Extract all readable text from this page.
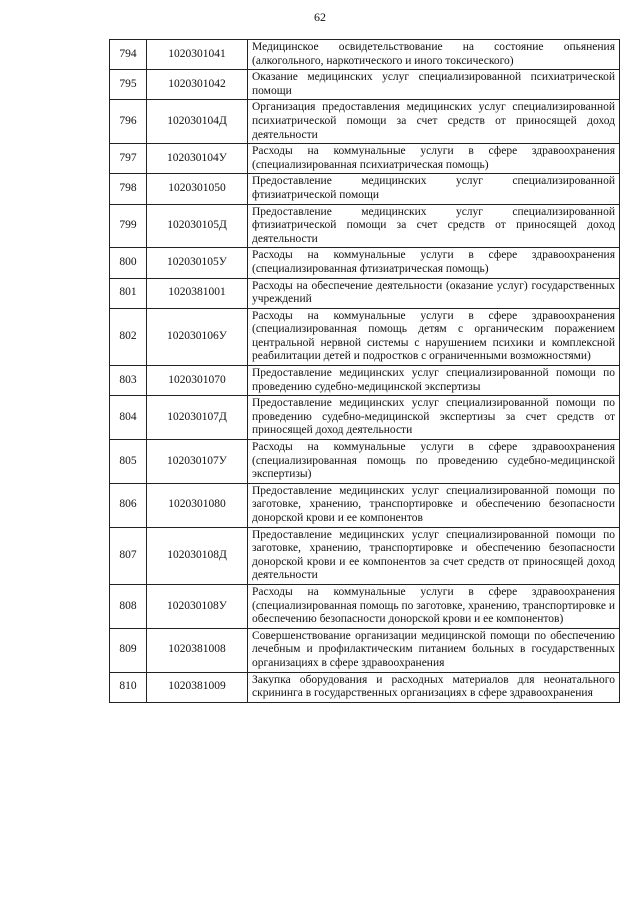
62
794	1020301041	Медицинское освидетельствование на состояние опьянения (алкогольного, наркотического и иного токсического)
795	1020301042	Оказание медицинских услуг специализированной психиатрической помощи
796	102030104Д	Организация предоставления медицинских услуг специализированной психиатрической помощи за счет средств от приносящей доход деятельности
797	102030104У	Расходы на коммунальные услуги в сфере здравоохранения (специализированная психиатрическая помощь)
798	1020301050	Предоставление медицинских услуг специализированной фтизиатрической помощи
799	102030105Д	Предоставление медицинских услуг специализированной фтизиатрической помощи за счет средств от приносящей доход деятельности
800	102030105У	Расходы на коммунальные услуги в сфере здравоохранения (специализированная фтизиатрическая помощь)
801	1020381001	Расходы на обеспечение деятельности (оказание услуг) государственных учреждений
802	102030106У	Расходы на коммунальные услуги в сфере здравоохранения (специализированная помощь детям с органическим поражением центральной нервной системы с нарушением психики и комплексной реабилитации детей и подростков с ограниченными возможностями)
803	1020301070	Предоставление медицинских услуг специализированной помощи по проведению судебно-медицинской экспертизы
804	102030107Д	Предоставление медицинских услуг специализированной помощи по проведению судебно-медицинской экспертизы за счет средств от приносящей доход деятельности
805	102030107У	Расходы на коммунальные услуги в сфере здравоохранения (специализированная помощь по проведению судебно-медицинской экспертизы)
806	1020301080	Предоставление медицинских услуг специализированной помощи по заготовке, хранению, транспортировке и обеспечению безопасности донорской крови и ее компонентов
807	102030108Д	Предоставление медицинских услуг специализированной помощи по заготовке, хранению, транспортировке и обеспечению безопасности донорской крови и ее компонентов за счет средств от приносящей доход деятельности
808	102030108У	Расходы на коммунальные услуги в сфере здравоохранения (специализированная помощь по заготовке, хранению, транспортировке и обеспечению безопасности донорской крови и ее компонентов)
809	1020381008	Совершенствование организации медицинской помощи по обеспечению лечебным и профилактическим питанием больных в государственных организациях в сфере здравоохранения
810	1020381009	Закупка оборудования и расходных материалов для неонатального скрининга в государственных организациях в сфере здравоохранения
